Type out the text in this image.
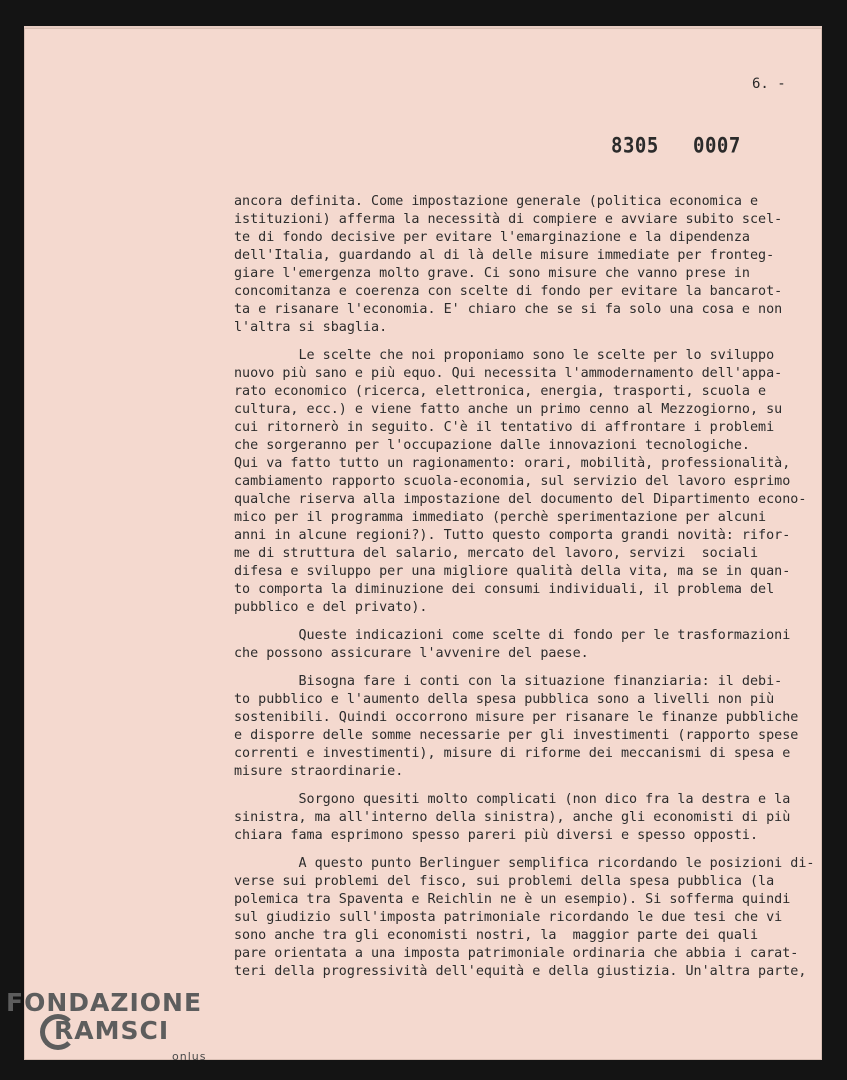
6. -
8305 0007
ancora definita. Come impostazione generale (politica economica e
istituzioni) afferma la necessità di compiere e avviare subito scel-
te di fondo decisive per evitare l'emarginazione e la dipendenza
dell'Italia, guardando al di là delle misure immediate per fronteg-
giare l'emergenza molto grave. Ci sono misure che vanno prese in
concomitanza e coerenza con scelte di fondo per evitare la bancarot-
ta e risanare l'economia. E' chiaro che se si fa solo una cosa e non
l'altra si sbaglia.
Le scelte che noi proponiamo sono le scelte per lo sviluppo
nuovo più sano e più equo. Qui necessita l'ammodernamento dell'appa-
rato economico (ricerca, elettronica, energia, trasporti, scuola e
cultura, ecc.) e viene fatto anche un primo cenno al Mezzogiorno, su
cui ritornerò in seguito. C'è il tentativo di affrontare i problemi
che sorgeranno per l'occupazione dalle innovazioni tecnologiche.
Qui va fatto tutto un ragionamento: orari, mobilità, professionalità,
cambiamento rapporto scuola-economia, sul servizio del lavoro esprimo
qualche riserva alla impostazione del documento del Dipartimento econo-
mico per il programma immediato (perchè sperimentazione per alcuni
anni in alcune regioni?). Tutto questo comporta grandi novità: rifor-
me di struttura del salario, mercato del lavoro, servizi  sociali
difesa e sviluppo per una migliore qualità della vita, ma se in quan-
to comporta la diminuzione dei consumi individuali, il problema del
pubblico e del privato).
Queste indicazioni come scelte di fondo per le trasformazioni
che possono assicurare l'avvenire del paese.
Bisogna fare i conti con la situazione finanziaria: il debi-
to pubblico e l'aumento della spesa pubblica sono a livelli non più
sostenibili. Quindi occorrono misure per risanare le finanze pubbliche
e disporre delle somme necessarie per gli investimenti (rapporto spese
correnti e investimenti), misure di riforme dei meccanismi di spesa e
misure straordinarie.
Sorgono quesiti molto complicati (non dico fra la destra e la
sinistra, ma all'interno della sinistra), anche gli economisti di più
chiara fama esprimono spesso pareri più diversi e spesso opposti.
A questo punto Berlinguer semplifica ricordando le posizioni di-
verse sui problemi del fisco, sui problemi della spesa pubblica (la
polemica tra Spaventa e Reichlin ne è un esempio). Si sofferma quindi
sul giudizio sull'imposta patrimoniale ricordando le due tesi che vi
sono anche tra gli economisti nostri, la  maggior parte dei quali
pare orientata a una imposta patrimoniale ordinaria che abbia i carat-
teri della progressività dell'equità e della giustizia. Un'altra parte,
FONDAZIONE
RAMSCI
onlus
